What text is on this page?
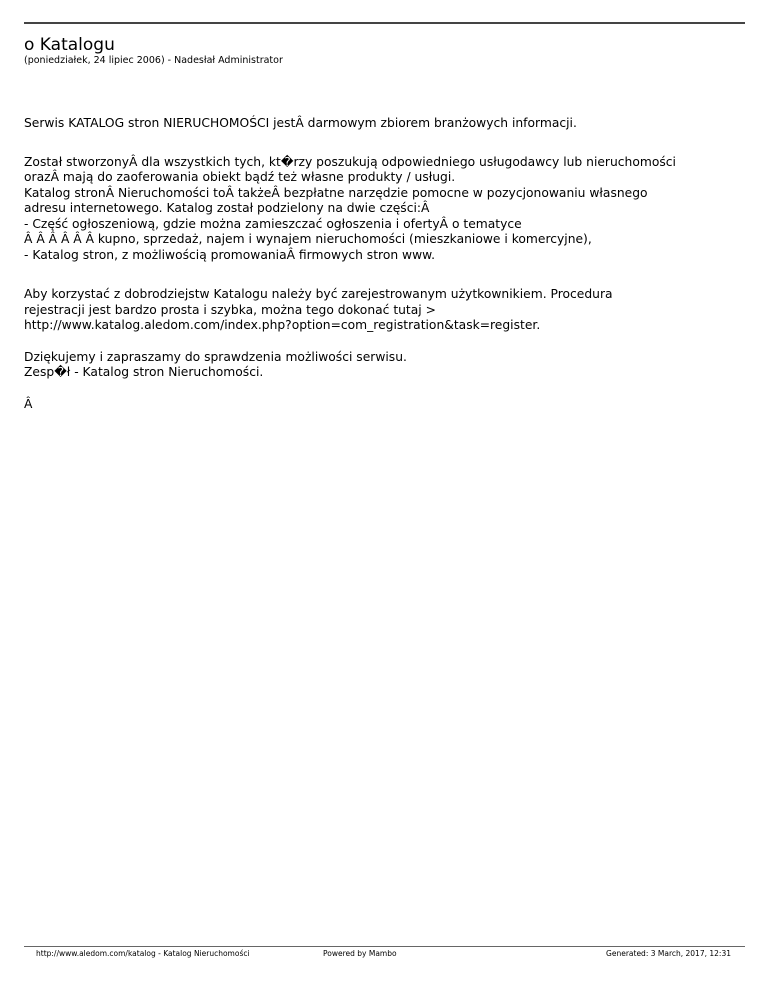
o Katalogu
(poniedziałek, 24 lipiec 2006) - Nadesłał Administrator

Serwis KATALOG stron NIERUCHOMOŚCI jestÂ darmowym zbiorem branżowych informacji.

Został stworzonyÂ dla wszystkich tych, kt�rzy poszukują odpowiedniego usługodawcy lub nieruchomości
orazÂ mają do zaoferowania obiekt bądź też własne produkty / usługi.
Katalog stronÂ Nieruchomości toÂ takżeÂ bezpłatne narzędzie pomocne w pozycjonowaniu własnego
adresu internetowego. Katalog został podzielony na dwie części:Â
- Część ogłoszeniową, gdzie można zamieszczać ogłoszenia i ofertyÂ o tematyce
Â Â Â Â Â Â kupno, sprzedaż, najem i wynajem nieruchomości (mieszkaniowe i komercyjne),
- Katalog stron, z możliwością promowaniaÂ firmowych stron www.

Aby korzystać z dobrodziejstw Katalogu należy być zarejestrowanym użytkownikiem. Procedura
rejestracji jest bardzo prosta i szybka, można tego dokonać tutaj >
http://www.katalog.aledom.com/index.php?option=com_registration&task=register.

Dziękujemy i zapraszamy do sprawdzenia możliwości serwisu.
Zesp�ł - Katalog stron Nieruchomości.

Â

http://www.aledom.com/katalog - Katalog Nieruchomości	Powered by Mambo	Generated: 3 March, 2017, 12:31
